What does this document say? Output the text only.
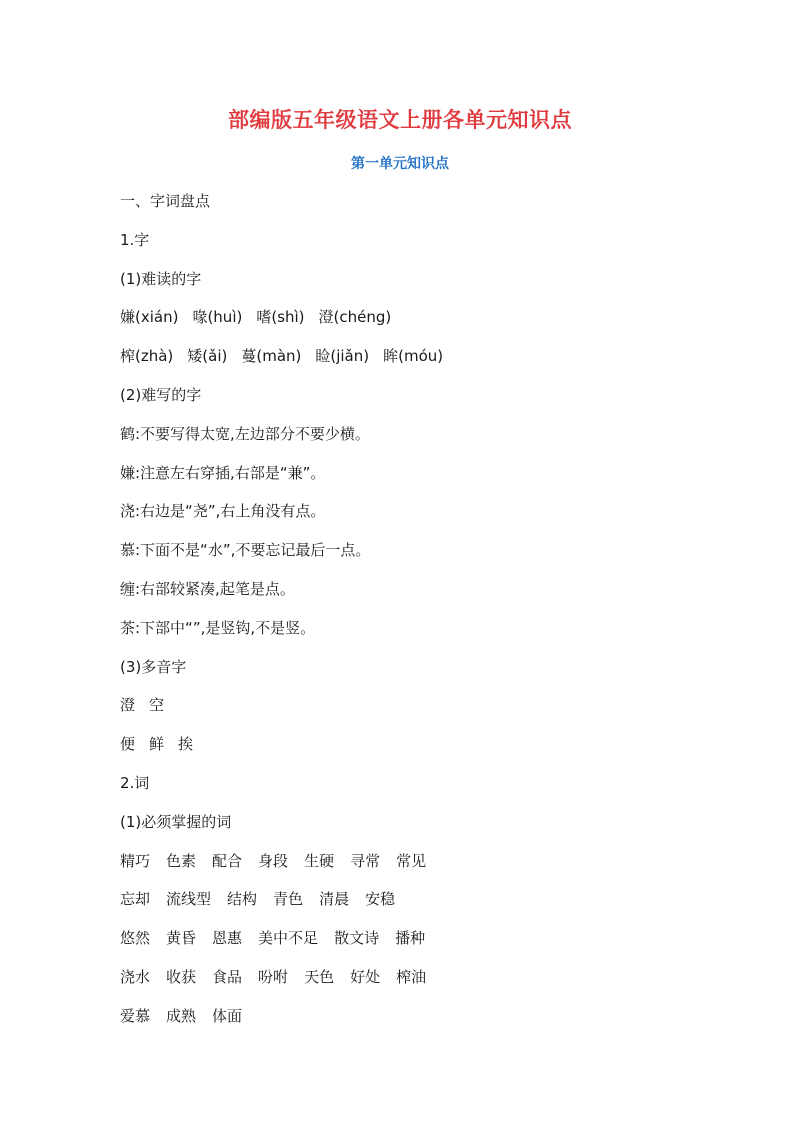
部编版五年级语文上册各单元知识点
第一单元知识点
一、字词盘点
1.字
(1)难读的字
嫌(xián) 喙(huì) 嗜(shì) 澄(chéng)
榨(zhà) 矮(ǎi) 蔓(màn) 睑(jiǎn) 眸(móu)
(2)难写的字
鹤:不要写得太宽,左边部分不要少横。
嫌:注意左右穿插,右部是“兼”。
浇:右边是“尧”,右上角没有点。
慕:下面不是“水”,不要忘记最后一点。
缠:右部较紧凑,起笔是点。
茶:下部中“”,是竖钩,不是竖。
(3)多音字
澄 空
便 鲜 挨
2.词
(1)必须掌握的词
精巧 色素 配合 身段 生硬 寻常 常见
忘却 流线型 结构 青色 清晨 安稳
悠然 黄昏 恩惠 美中不足 散文诗 播种
浇水 收获 食品 吩咐 天色 好处 榨油
爱慕 成熟 体面
